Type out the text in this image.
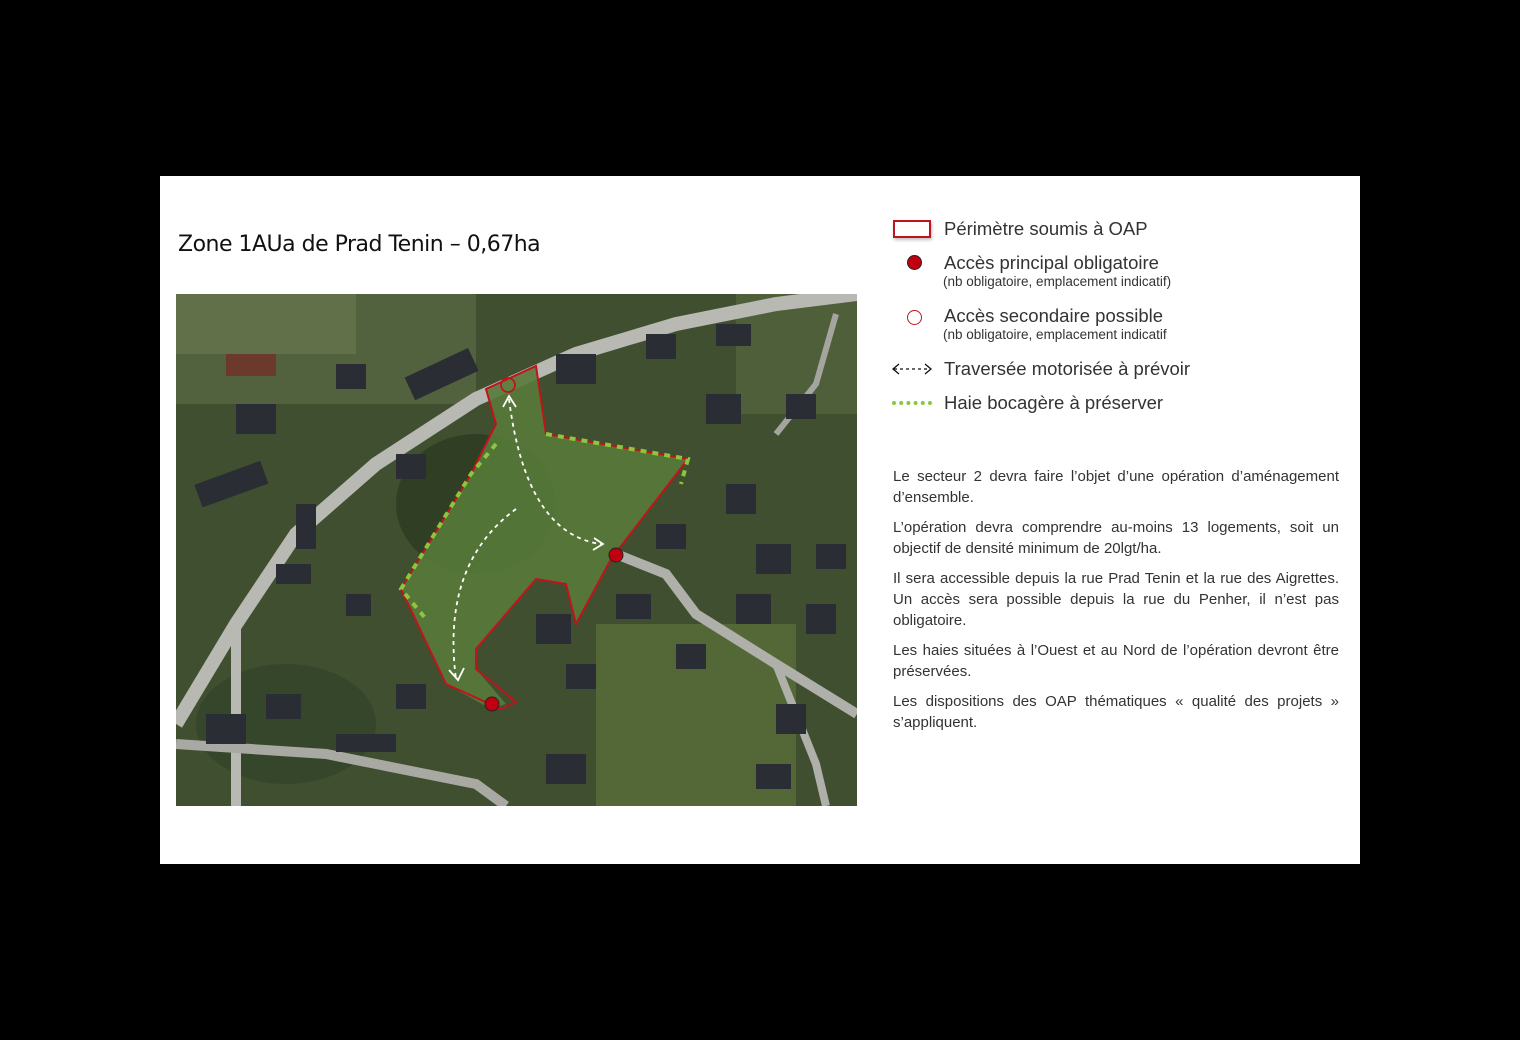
Zone 1AUa de Prad Tenin – 0,67ha
Périmètre soumis à OAP
Accès principal obligatoire
(nb obligatoire, emplacement indicatif)
Accès secondaire possible
(nb obligatoire, emplacement indicatif
Traversée motorisée à prévoir
Haie bocagère à préserver

Le secteur 2 devra faire l’objet d’une opération d’aménagement d’ensemble.

L’opération devra comprendre au-moins 13 logements, soit un objectif de densité minimum de 20lgt/ha.

Il sera accessible depuis la rue Prad Tenin et la rue des Aigrettes. Un accès sera possible depuis la rue du Penher, il n’est pas obligatoire.

Les haies situées à l’Ouest et au Nord de l’opération devront être préservées.

Les dispositions des OAP thématiques « qualité des projets » s’appliquent.
